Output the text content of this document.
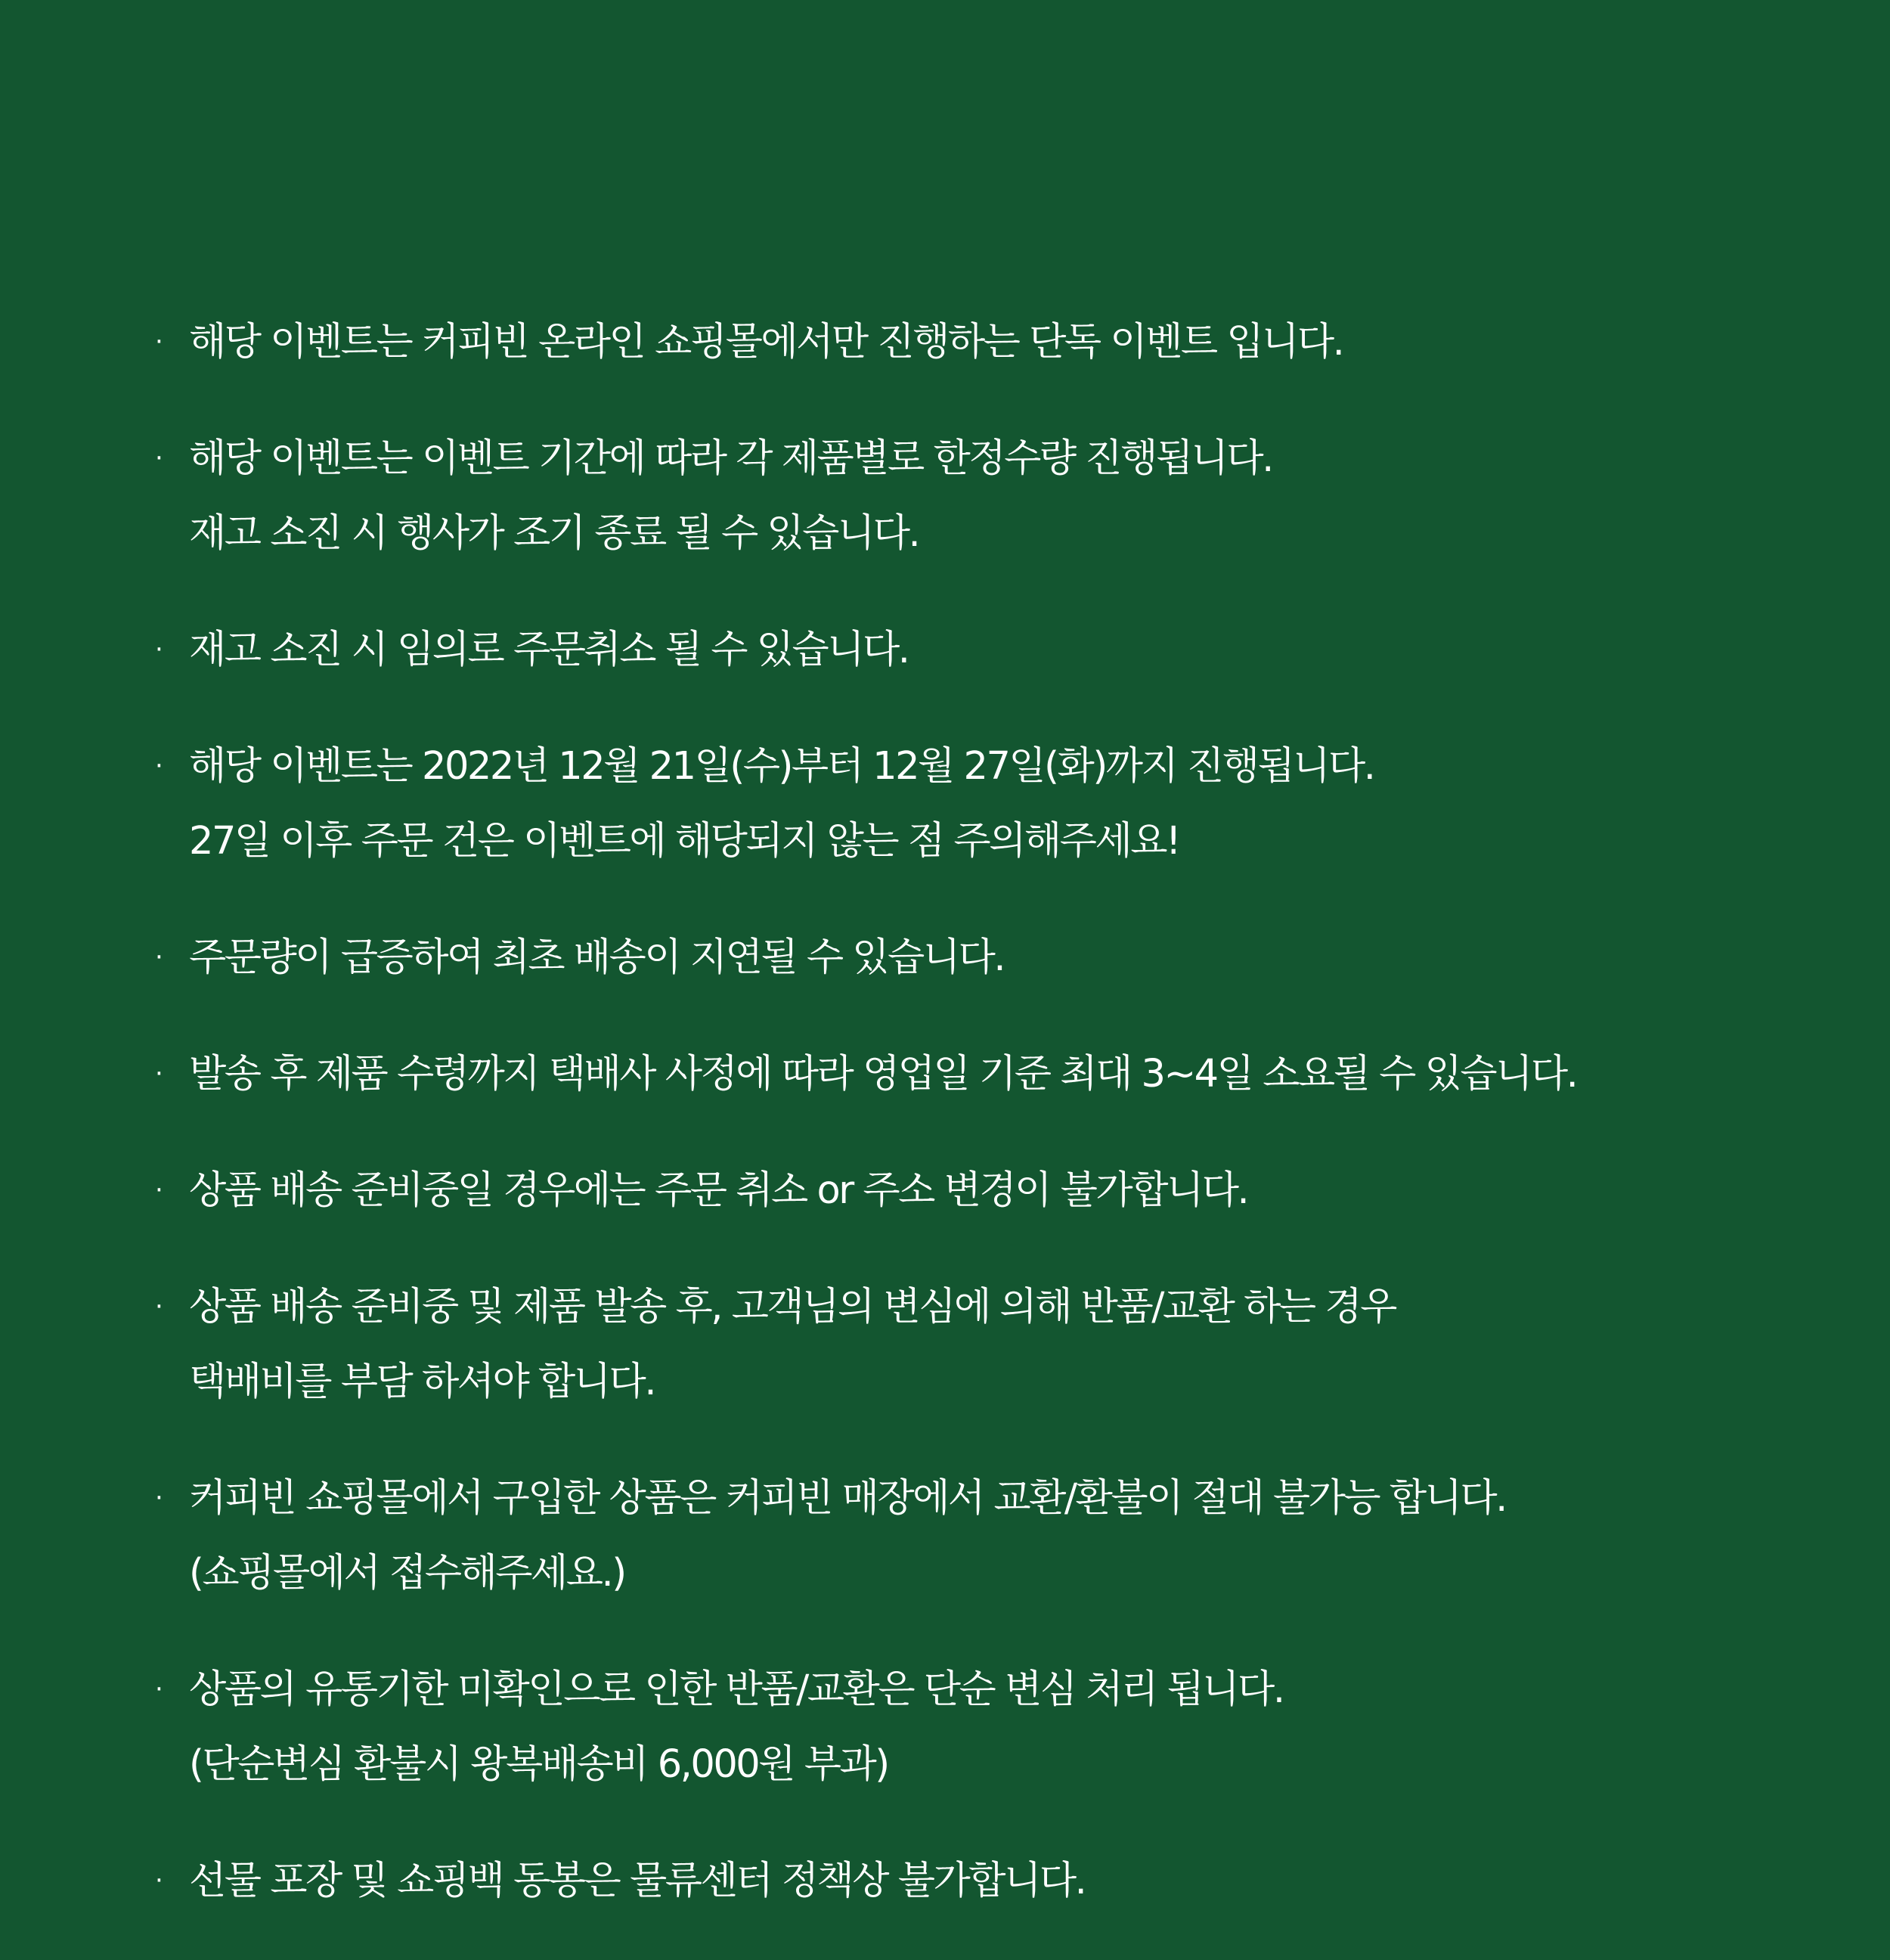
· 해당 이벤트는 커피빈 온라인 쇼핑몰에서만 진행하는 단독 이벤트 입니다.
· 해당 이벤트는 이벤트 기간에 따라 각 제품별로 한정수량 진행됩니다.
재고 소진 시 행사가 조기 종료 될 수 있습니다.
· 재고 소진 시 임의로 주문취소 될 수 있습니다.
· 해당 이벤트는 2022년 12월 21일(수)부터 12월 27일(화)까지 진행됩니다.
27일 이후 주문 건은 이벤트에 해당되지 않는 점 주의해주세요!
· 주문량이 급증하여 최초 배송이 지연될 수 있습니다.
· 발송 후 제품 수령까지 택배사 사정에 따라 영업일 기준 최대 3~4일 소요될 수 있습니다.
· 상품 배송 준비중일 경우에는 주문 취소 or 주소 변경이 불가합니다.
· 상품 배송 준비중 및 제품 발송 후, 고객님의 변심에 의해 반품/교환 하는 경우
택배비를 부담 하셔야 합니다.
· 커피빈 쇼핑몰에서 구입한 상품은 커피빈 매장에서 교환/환불이 절대 불가능 합니다.
(쇼핑몰에서 접수해주세요.)
· 상품의 유통기한 미확인으로 인한 반품/교환은 단순 변심 처리 됩니다.
(단순변심 환불시 왕복배송비 6,000원 부과)
· 선물 포장 및 쇼핑백 동봉은 물류센터 정책상 불가합니다.
